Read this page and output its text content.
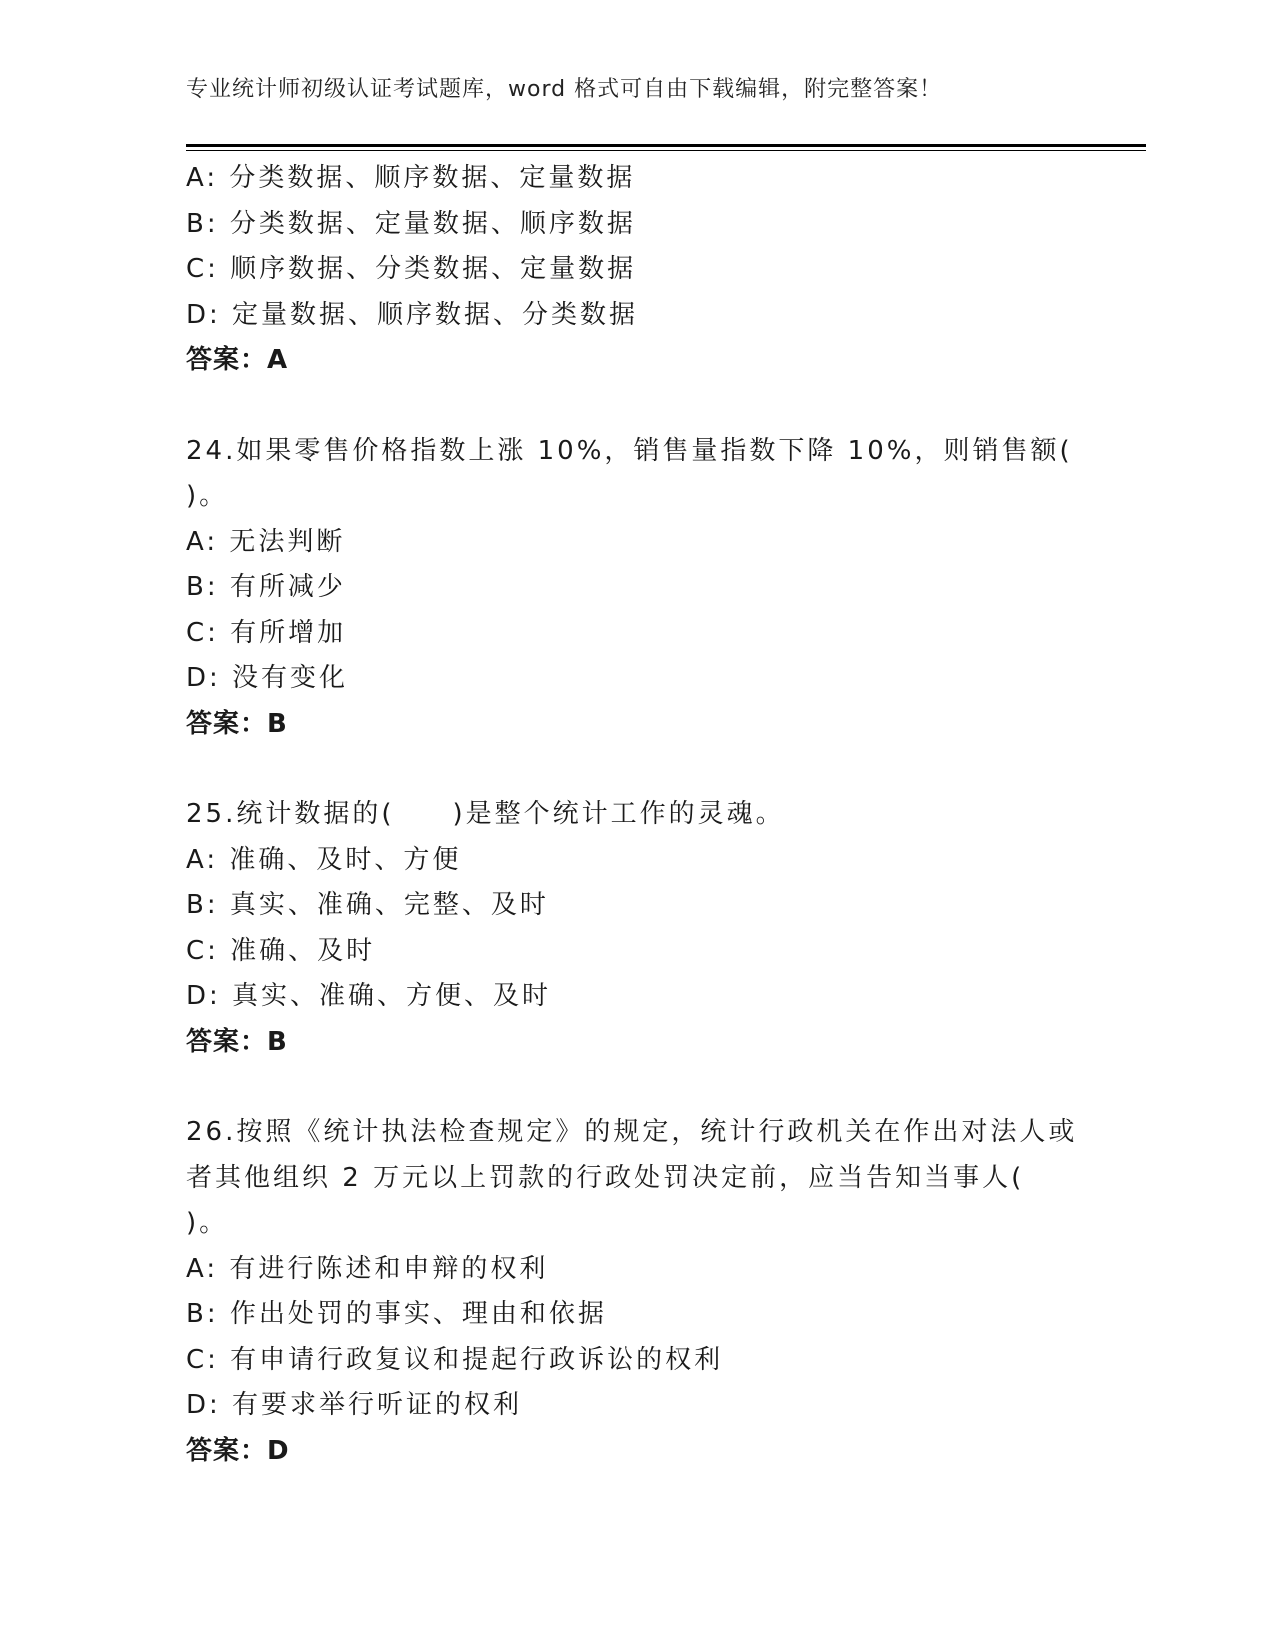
专业统计师初级认证考试题库，word 格式可自由下载编辑，附完整答案！
A: 分类数据、顺序数据、定量数据
B: 分类数据、定量数据、顺序数据
C: 顺序数据、分类数据、定量数据
D: 定量数据、顺序数据、分类数据
答案：A
24.如果零售价格指数上涨 10%，销售量指数下降 10%，则销售额(
)。
A: 无法判断
B: 有所减少
C: 有所增加
D: 没有变化
答案：B
25.统计数据的(　　)是整个统计工作的灵魂。
A: 准确、及时、方便
B: 真实、准确、完整、及时
C: 准确、及时
D: 真实、准确、方便、及时
答案：B
26.按照《统计执法检查规定》的规定，统计行政机关在作出对法人或
者其他组织 2 万元以上罚款的行政处罚决定前，应当告知当事人(
)。
A: 有进行陈述和申辩的权利
B: 作出处罚的事实、理由和依据
C: 有申请行政复议和提起行政诉讼的权利
D: 有要求举行听证的权利
答案：D
